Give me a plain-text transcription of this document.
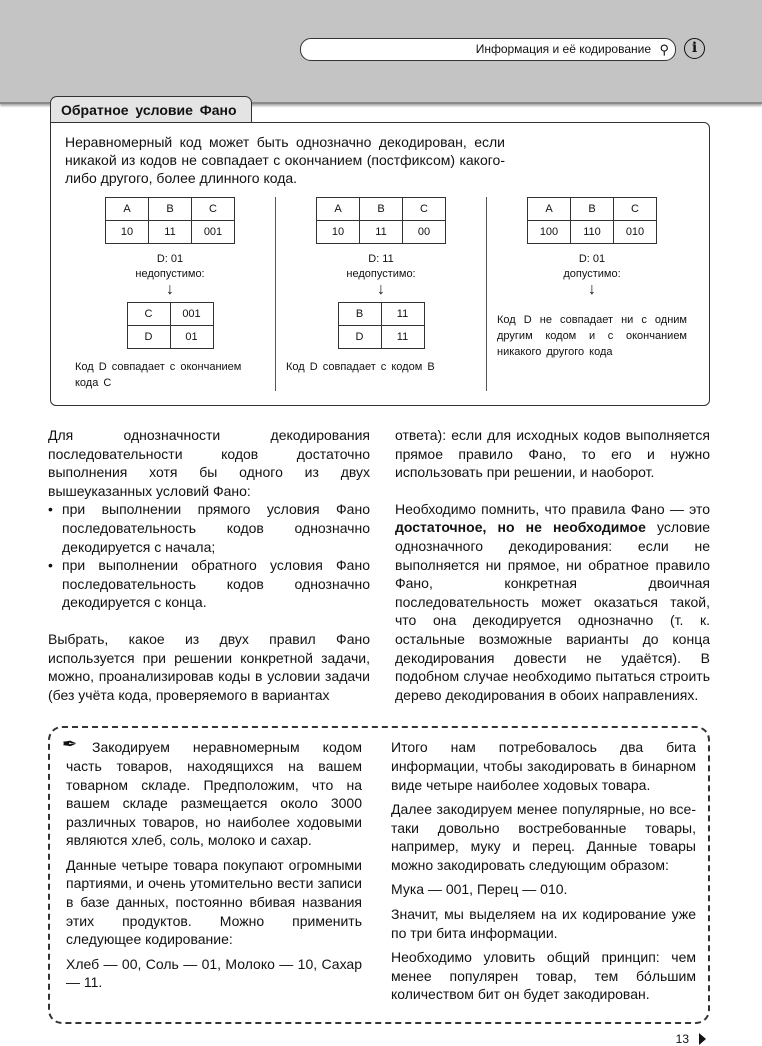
Информация и её кодирование ⚲	i
Обратное условие Фано
Неравномерный код может быть однозначно декодирован, если никакой из кодов не совпадает с окончанием (постфиксом) какого-либо другого, более длинного кода.
A	B	C
10	11	001
D: 01
недопустимо:
↓
C	001
D	01
Код D совпадает с окончанием кода C
A	B	C
10	11	00
D: 11
недопустимо:
↓
B	11
D	11
Код D совпадает с кодом B
A	B	C
100	110	010
D: 01
допустимо:
↓
Код D не совпадает ни с одним другим кодом и с окончанием никакого другого кода

Для однозначности декодирования последовательности кодов достаточно выполнения хотя бы одного из двух вышеуказанных условий Фано:

• при выполнении прямого условия Фано последовательность кодов однозначно декодируется с начала;
• при выполнении обратного условия Фано последовательность кодов однозначно декодируется с конца.

Выбрать, какое из двух правил Фано используется при решении конкретной задачи, можно, проанализировав коды в условии задачи (без учёта кода, проверяемого в вариантах

ответа): если для исходных кодов выполняется прямое правило Фано, то его и нужно использовать при решении, и наоборот.

Необходимо помнить, что правила Фано — это достаточное, но не необходимое условие однозначного декодирования: если не выполняется ни прямое, ни обратное правило Фано, конкретная двоичная последовательность может оказаться такой, что она декодируется однозначно (т. к. остальные возможные варианты до конца декодирования довести не удаётся). В подобном случае необходимо пытаться строить дерево декодирования в обоих направлениях.

✒	Закодируем неравномерным кодом часть товаров, находящихся на вашем товарном складе. Предположим, что на вашем складе размещается около 3000 различных товаров, но наиболее ходовыми являются хлеб, соль, молоко и сахар.

Данные четыре товара покупают огромными партиями, и очень утомительно вести записи в базе данных, постоянно вбивая названия этих продуктов. Можно применить следующее кодирование:

Хлеб — 00, Соль — 01, Молоко — 10, Сахар — 11.

Итого нам потребовалось два бита информации, чтобы закодировать в бинарном виде четыре наиболее ходовых товара.

Далее закодируем менее популярные, но все-таки довольно востребованные товары, например, муку и перец. Данные товары можно закодировать следующим образом:

Мука — 001, Перец — 010.

Значит, мы выделяем на их кодирование уже по три бита информации.

Необходимо уловить общий принцип: чем менее популярен товар, тем бо́льшим количеством бит он будет закодирован.

13
